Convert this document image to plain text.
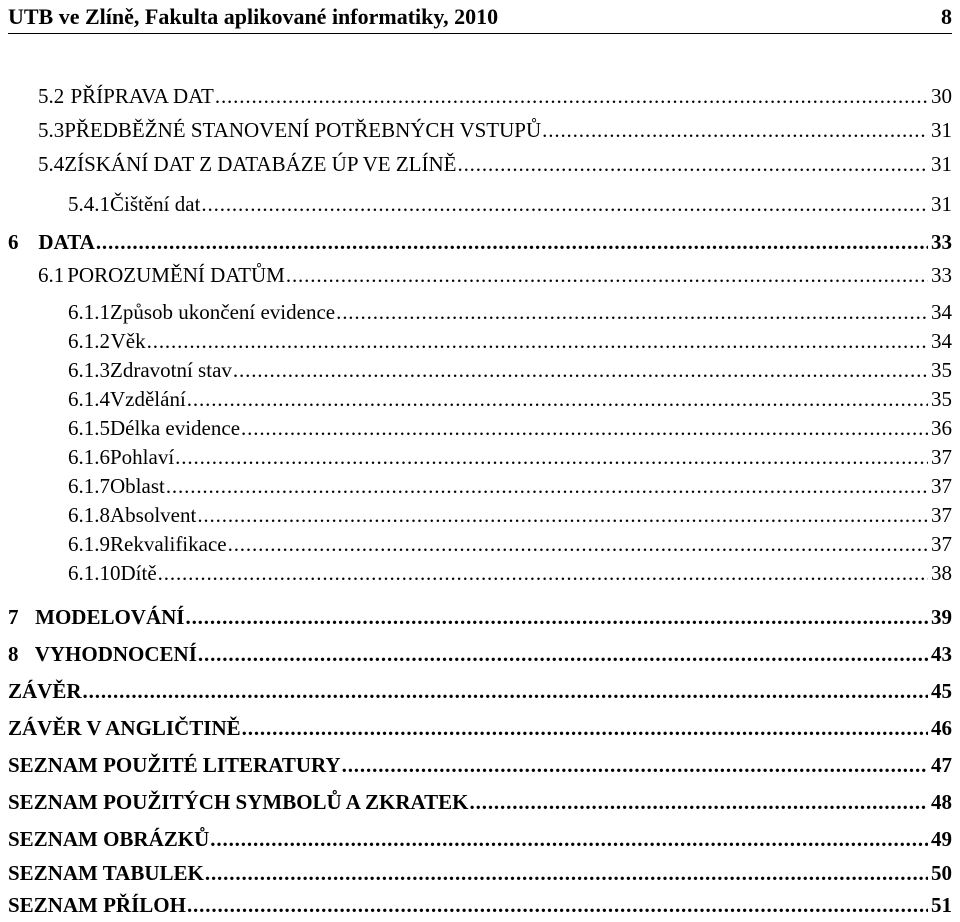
UTB ve Zlíně, Fakulta aplikované informatiky, 2010	8
5.2 PŘÍPRAVA DAT . . .	30
5.3 PŘEDBĚŽNÉ STANOVENÍ POTŘEBNÝCH VSTUPŮ . . .	31
5.4 ZÍSKÁNÍ DAT Z DATABÁZE ÚP VE ZLÍNĚ . . .	31
5.4.1 Čištění dat . . .	31
6 DATA . . .	33
6.1 POROZUMĚNÍ DATŮM . . .	33
6.1.1 Způsob ukončení evidence . . .	34
6.1.2 Věk . . .	34
6.1.3 Zdravotní stav . . .	35
6.1.4 Vzdělání . . .	35
6.1.5 Délka evidence . . .	36
6.1.6 Pohlaví . . .	37
6.1.7 Oblast . . .	37
6.1.8 Absolvent . . .	37
6.1.9 Rekvalifikace . . .	37
6.1.10 Dítě . . .	38
7 MODELOVÁNÍ . . .	39
8 VYHODNOCENÍ . . .	43
ZÁVĚR . . .	45
ZÁVĚR V ANGLIČTINĚ . . .	46
SEZNAM POUŽITÉ LITERATURY . . .	47
SEZNAM POUŽITÝCH SYMBOLŮ A ZKRATEK . . .	48
SEZNAM OBRÁZKŮ . . .	49
SEZNAM TABULEK . . .	50
SEZNAM PŘÍLOH . . .	51
